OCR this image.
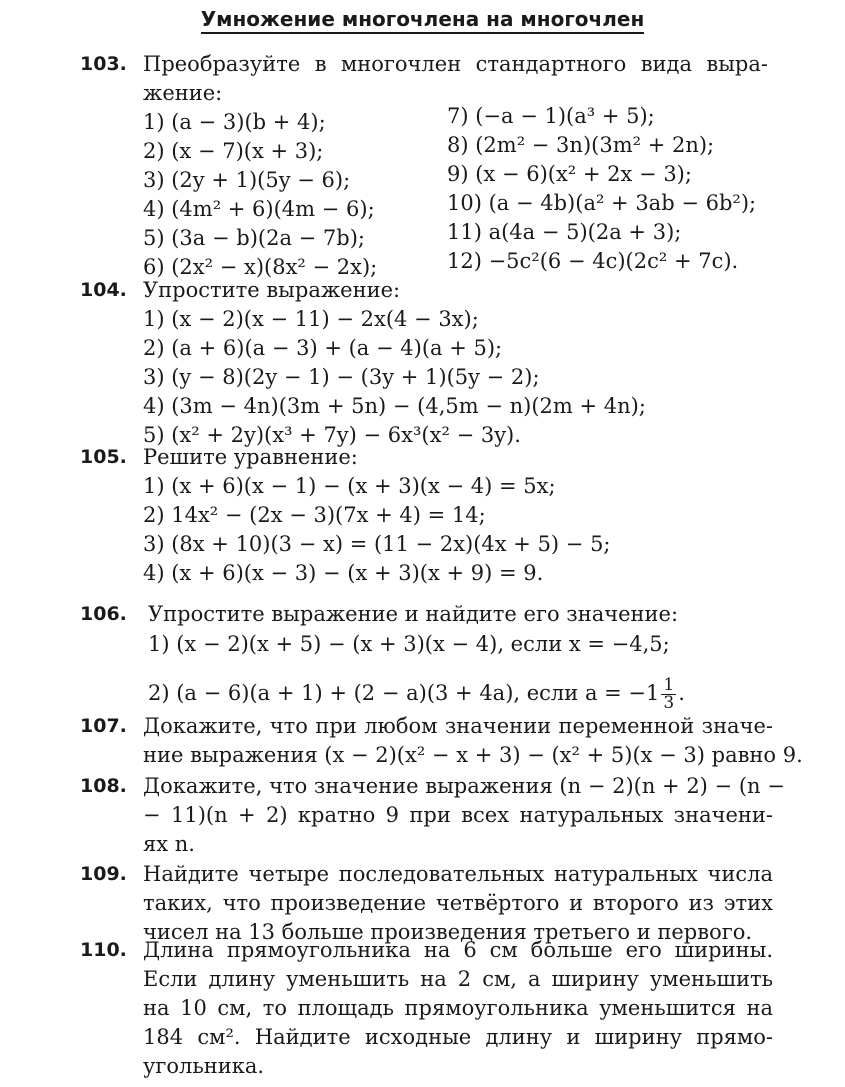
Умножение многочлена на многочлен
103. Преобразуйте в многочлен стандартного вида выра-
жение:
1) (a − 3)(b + 4);
2) (x − 7)(x + 3);
3) (2y + 1)(5y − 6);
4) (4m² + 6)(4m − 6);
5) (3a − b)(2a − 7b);
6) (2x² − x)(8x² − 2x);
7) (−a − 1)(a³ + 5);
8) (2m² − 3n)(3m² + 2n);
9) (x − 6)(x² + 2x − 3);
10) (a − 4b)(a² + 3ab − 6b²);
11) a(4a − 5)(2a + 3);
12) −5c²(6 − 4c)(2c² + 7c).
104. Упростите выражение:
1) (x − 2)(x − 11) − 2x(4 − 3x);
2) (a + 6)(a − 3) + (a − 4)(a + 5);
3) (y − 8)(2y − 1) − (3y + 1)(5y − 2);
4) (3m − 4n)(3m + 5n) − (4,5m − n)(2m + 4n);
5) (x² + 2y)(x³ + 7y) − 6x³(x² − 3y).
105. Решите уравнение:
1) (x + 6)(x − 1) − (x + 3)(x − 4) = 5x;
2) 14x² − (2x − 3)(7x + 4) = 14;
3) (8x + 10)(3 − x) = (11 − 2x)(4x + 5) − 5;
4) (x + 6)(x − 3) − (x + 3)(x + 9) = 9.
106. Упростите выражение и найдите его значение:
1) (x − 2)(x + 5) − (x + 3)(x − 4), если x = −4,5;
2) (a − 6)(a + 1) + (2 − a)(3 + 4a), если $a = -1 \frac{1}{3}$ .
107. Докажите, что при любом значении переменной значе-
ние выражения (x − 2)(x² − x + 3) − (x² + 5)(x − 3) равно 9.
108. Докажите, что значение выражения (n − 2)(n + 2) − (n −
− 11)(n + 2) кратно 9 при всех натуральных значени-
ях n.
109. Найдите четыре последовательных натуральных числа
таких, что произведение четвёртого и второго из этих
чисел на 13 больше произведения третьего и первого.
110. Длина прямоугольника на 6 см больше его ширины.
Если длину уменьшить на 2 см, а ширину уменьшить
на 10 см, то площадь прямоугольника уменьшится на
184 см². Найдите исходные длину и ширину прямо-
угольника.
